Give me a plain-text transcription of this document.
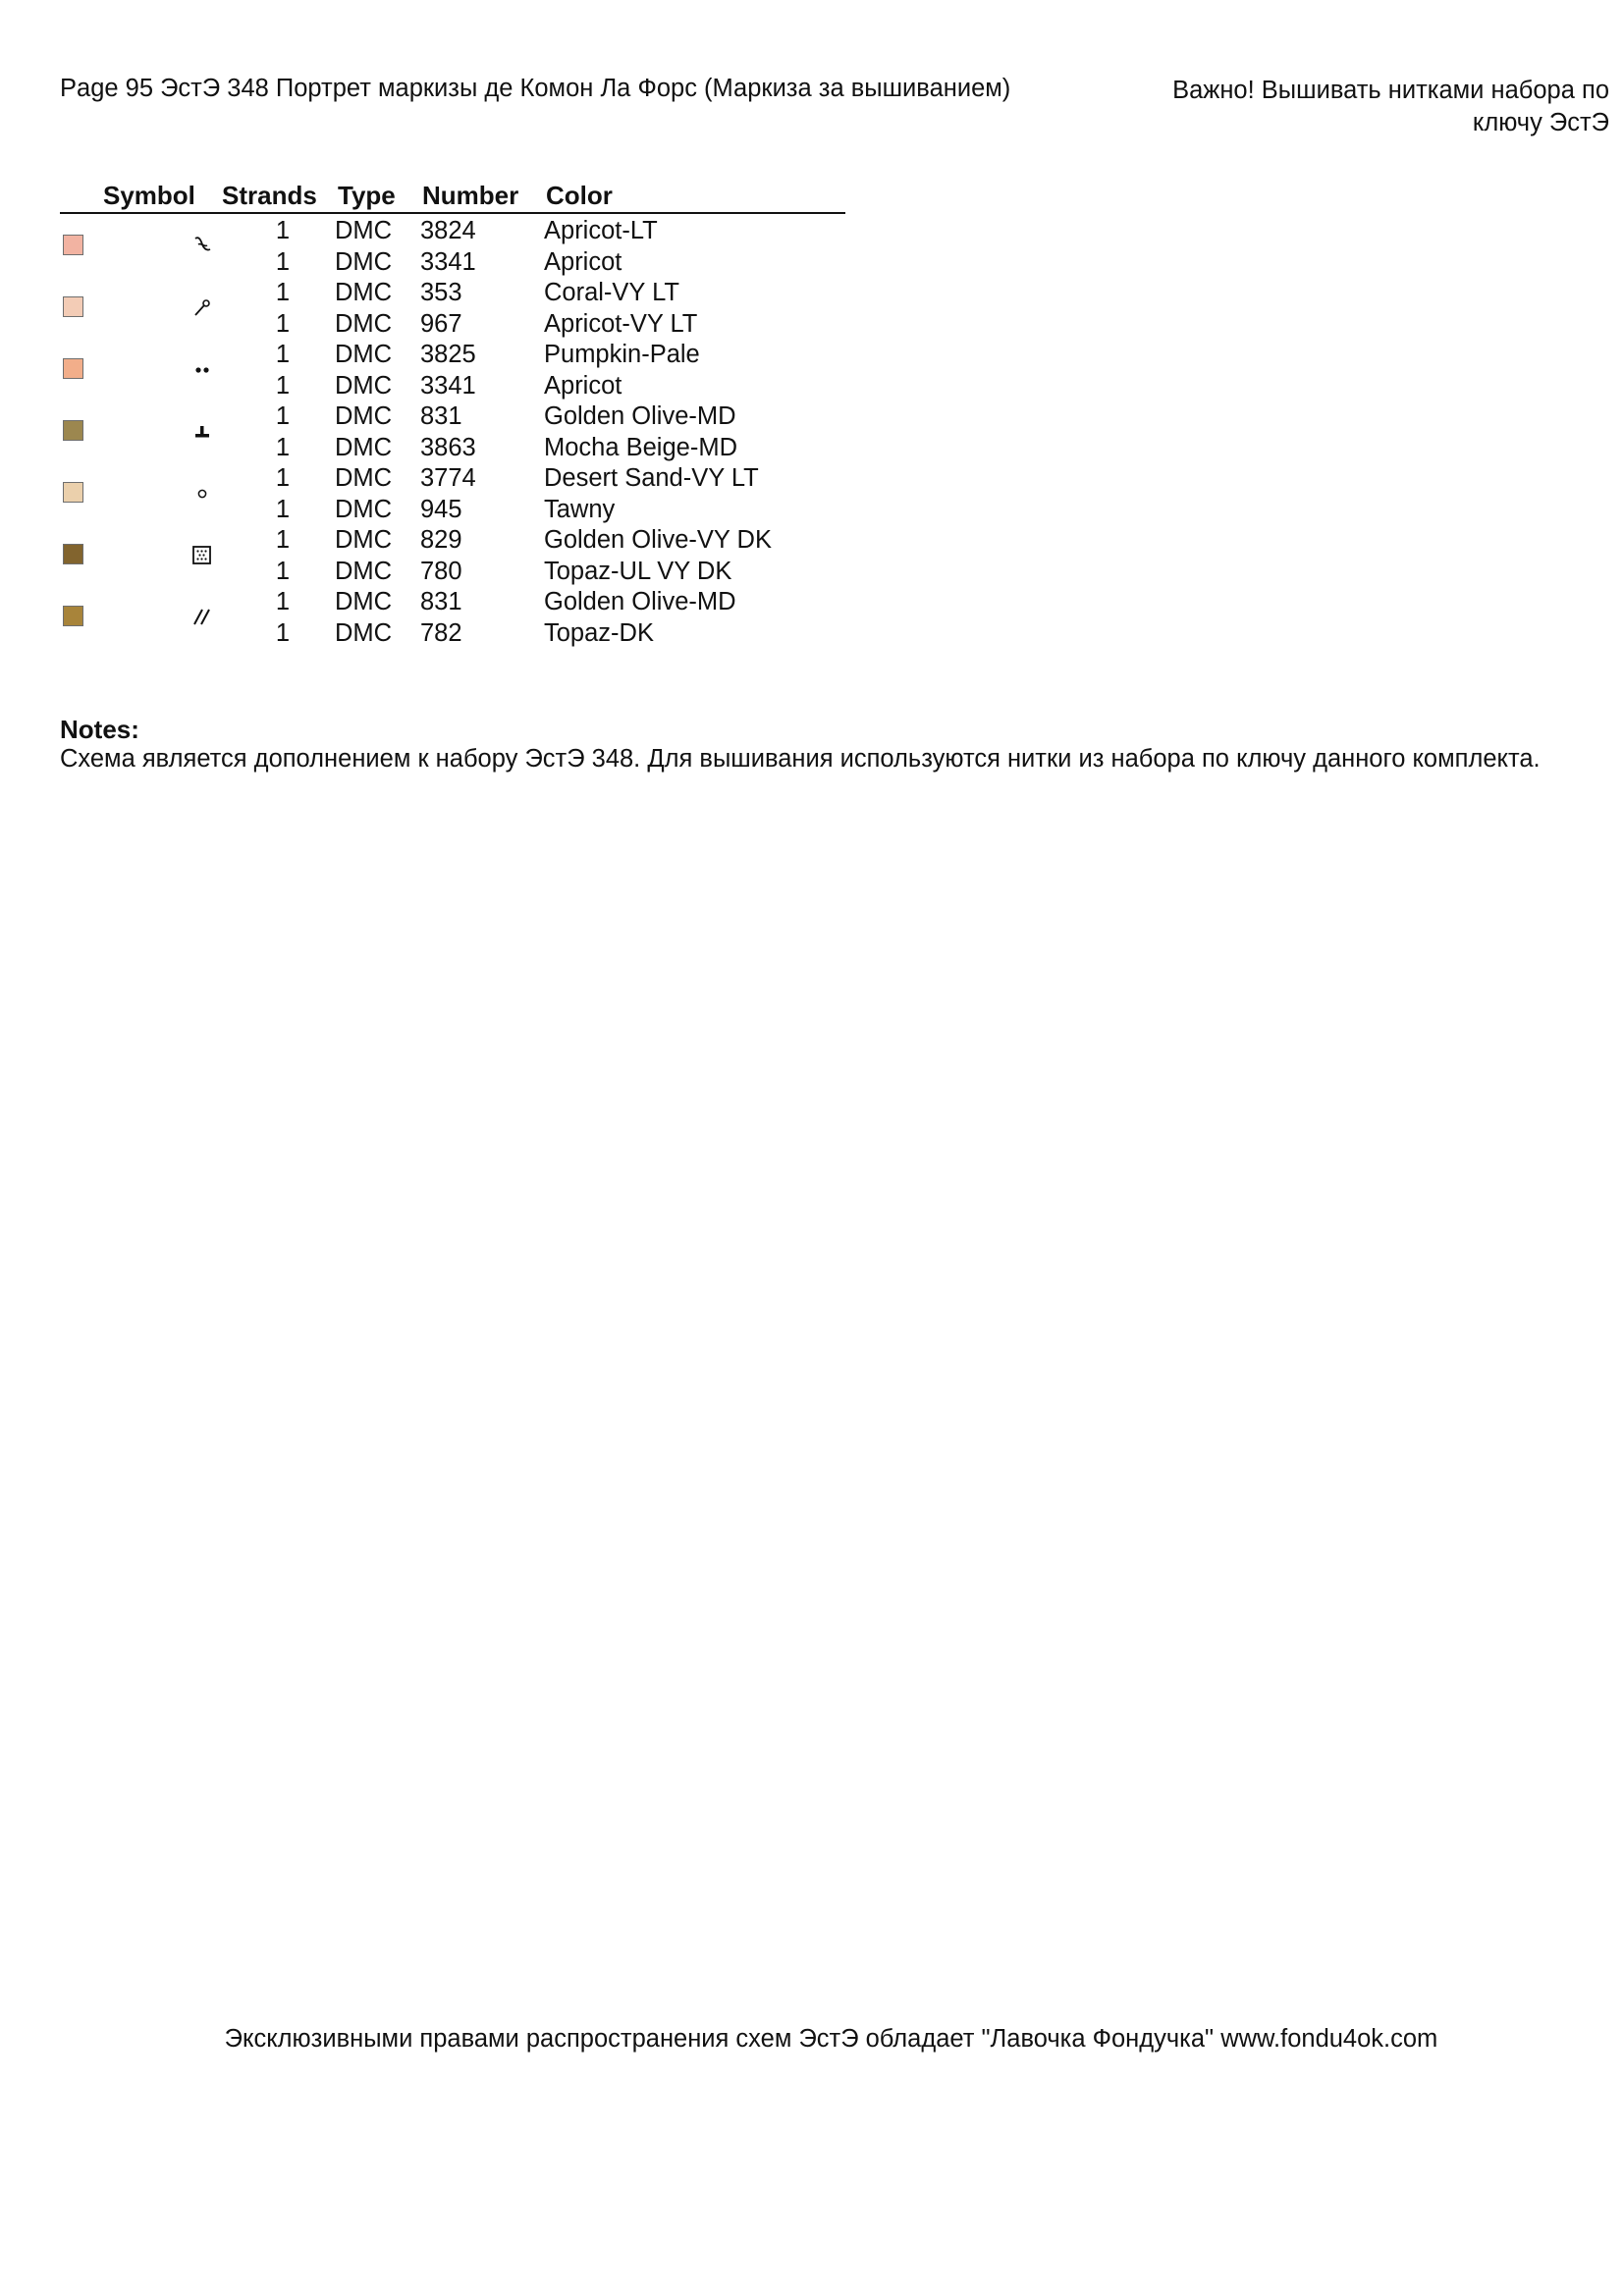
Page 95 ЭстЭ 348 Портрет маркизы де Комон Ла Форс (Маркиза за вышиванием)	Важно! Вышивать нитками набора по ключу ЭстЭ
Symbol Strands Type Number Color
1	DMC 3824	Apricot-LT
1	DMC 3341	Apricot
1	DMC 353	Coral-VY LT
1	DMC 967	Apricot-VY LT
1	DMC 3825	Pumpkin-Pale
1	DMC 3341	Apricot
1	DMC 831	Golden Olive-MD
1	DMC 3863	Mocha Beige-MD
1	DMC 3774	Desert Sand-VY LT
1	DMC 945	Tawny
1	DMC 829	Golden Olive-VY DK
1	DMC 780	Topaz-UL VY DK
1	DMC 831	Golden Olive-MD
1	DMC 782	Topaz-DK
Notes:
Схема является дополнением к набору ЭстЭ 348. Для вышивания используются нитки из набора по ключу данного комплекта.
Эксклюзивными правами распространения схем ЭстЭ обладает "Лавочка Фондучка" www.fondu4ok.com
